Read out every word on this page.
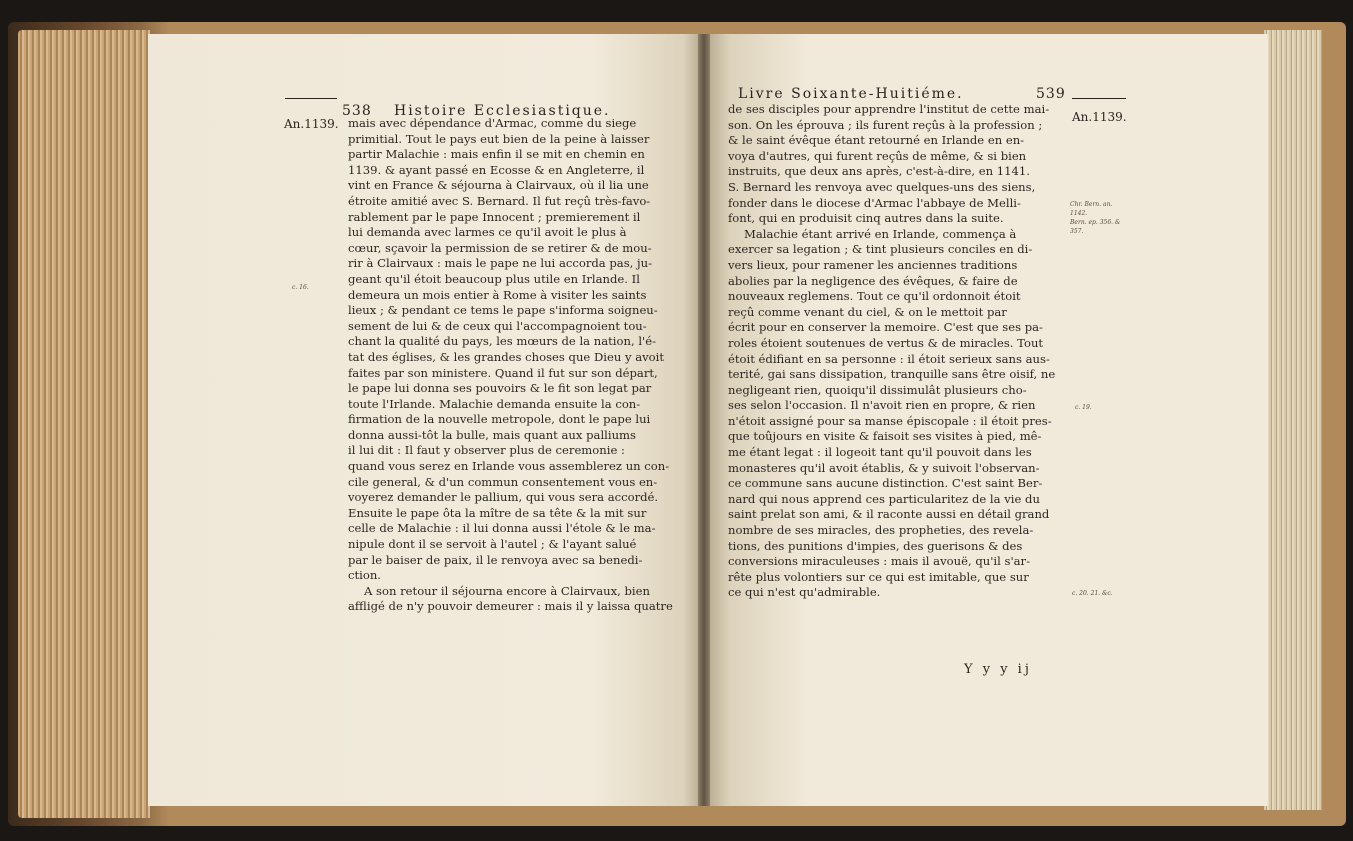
538 Histoire Ecclesiastique.
An.1139.
c. 16.

mais avec dépendance d'Armac, comme du siege

primitial. Tout le pays eut bien de la peine à laisser

partir Malachie : mais enfin il se mit en chemin en

1139. & ayant passé en Ecosse & en Angleterre, il

vint en France & séjourna à Clairvaux, où il lia une

étroite amitié avec S. Bernard. Il fut reçû très-favo-

rablement par le pape Innocent ; premierement il

lui demanda avec larmes ce qu'il avoit le plus à

cœur, sçavoir la permission de se retirer & de mou-

rir à Clairvaux : mais le pape ne lui accorda pas, ju-

geant qu'il étoit beaucoup plus utile en Irlande. Il

demeura un mois entier à Rome à visiter les saints

lieux ; & pendant ce tems le pape s'informa soigneu-

sement de lui & de ceux qui l'accompagnoient tou-

chant la qualité du pays, les mœurs de la nation, l'é-

tat des églises, & les grandes choses que Dieu y avoit

faites par son ministere. Quand il fut sur son départ,

le pape lui donna ses pouvoirs & le fit son legat par

toute l'Irlande. Malachie demanda ensuite la con-

firmation de la nouvelle metropole, dont le pape lui

donna aussi-tôt la bulle, mais quant aux palliums

il lui dit : Il faut y observer plus de ceremonie :

quand vous serez en Irlande vous assemblerez un con-

cile general, & d'un commun consentement vous en-

voyerez demander le pallium, qui vous sera accordé.

Ensuite le pape ôta la mître de sa tête & la mit sur

celle de Malachie : il lui donna aussi l'étole & le ma-

nipule dont il se servoit à l'autel ; & l'ayant salué

par le baiser de paix, il le renvoya avec sa benedi-

ction.

A son retour il séjourna encore à Clairvaux, bien

affligé de n'y pouvoir demeurer : mais il y laissa quatre

Livre Soixante-Huitiéme.	539
An.1139.
Chr. Bern. an.
1142.
Bern. ep. 356. &
357.
c. 19.
c. 20. 21. &c.

de ses disciples pour apprendre l'institut de cette mai-

son. On les éprouva ; ils furent reçûs à la profession ;

& le saint évêque étant retourné en Irlande en en-

voya d'autres, qui furent reçûs de même, & si bien

instruits, que deux ans après, c'est-à-dire, en 1141.

S. Bernard les renvoya avec quelques-uns des siens,

fonder dans le diocese d'Armac l'abbaye de Melli-

font, qui en produisit cinq autres dans la suite.

Malachie étant arrivé en Irlande, commença à

exercer sa legation ; & tint plusieurs conciles en di-

vers lieux, pour ramener les anciennes traditions

abolies par la negligence des évêques, & faire de

nouveaux reglemens. Tout ce qu'il ordonnoit étoit

reçû comme venant du ciel, & on le mettoit par

écrit pour en conserver la memoire. C'est que ses pa-

roles étoient soutenues de vertus & de miracles. Tout

étoit édifiant en sa personne : il étoit serieux sans aus-

terité, gai sans dissipation, tranquille sans être oisif, ne

negligeant rien, quoiqu'il dissimulât plusieurs cho-

ses selon l'occasion. Il n'avoit rien en propre, & rien

n'étoit assigné pour sa manse épiscopale : il étoit pres-

que toûjours en visite & faisoit ses visites à pied, mê-

me étant legat : il logeoit tant qu'il pouvoit dans les

monasteres qu'il avoit établis, & y suivoit l'observan-

ce commune sans aucune distinction. C'est saint Ber-

nard qui nous apprend ces particularitez de la vie du

saint prelat son ami, & il raconte aussi en détail grand

nombre de ses miracles, des propheties, des revela-

tions, des punitions d'impies, des guerisons & des

conversions miraculeuses : mais il avouë, qu'il s'ar-

rête plus volontiers sur ce qui est imitable, que sur

ce qui n'est qu'admirable.

Y y y ij
